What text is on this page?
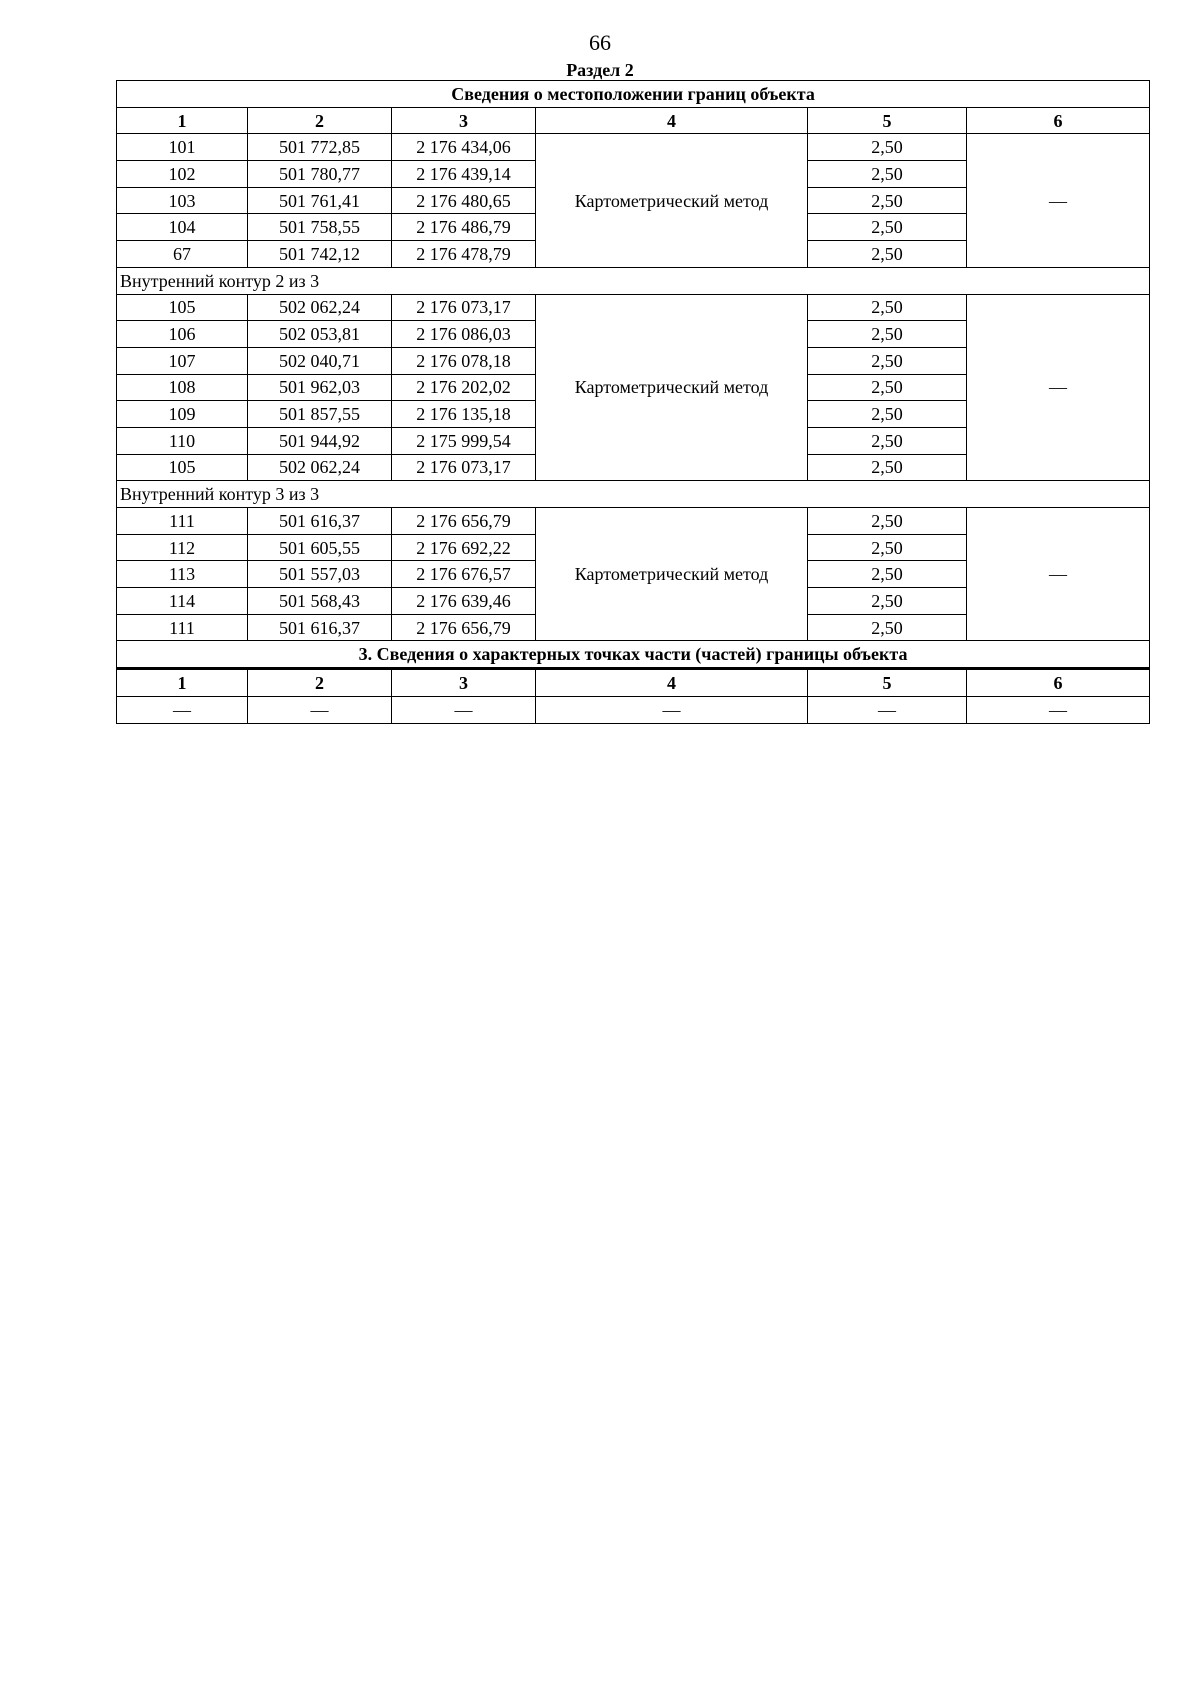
66
Раздел 2
Сведения о местоположении границ объекта					
1	2	3	4	5	6
101	501 772,85	2 176 434,06	Картометрический метод	2,50	—
102	501 780,77	2 176 439,14		2,50	
103	501 761,41	2 176 480,65		2,50	
104	501 758,55	2 176 486,79		2,50	
67	501 742,12	2 176 478,79		2,50	
Внутренний контур 2 из 3					
105	502 062,24	2 176 073,17	Картометрический метод	2,50	—
106	502 053,81	2 176 086,03		2,50	
107	502 040,71	2 176 078,18		2,50	
108	501 962,03	2 176 202,02		2,50	
109	501 857,55	2 176 135,18		2,50	
110	501 944,92	2 175 999,54		2,50	
105	502 062,24	2 176 073,17		2,50	
Внутренний контур 3 из 3					
111	501 616,37	2 176 656,79	Картометрический метод	2,50	—
112	501 605,55	2 176 692,22		2,50	
113	501 557,03	2 176 676,57		2,50	
114	501 568,43	2 176 639,46		2,50	
111	501 616,37	2 176 656,79		2,50	
3. Сведения о характерных точках части (частей) границы объекта					
1	2	3	4	5	6
—	—	—	—	—	—
